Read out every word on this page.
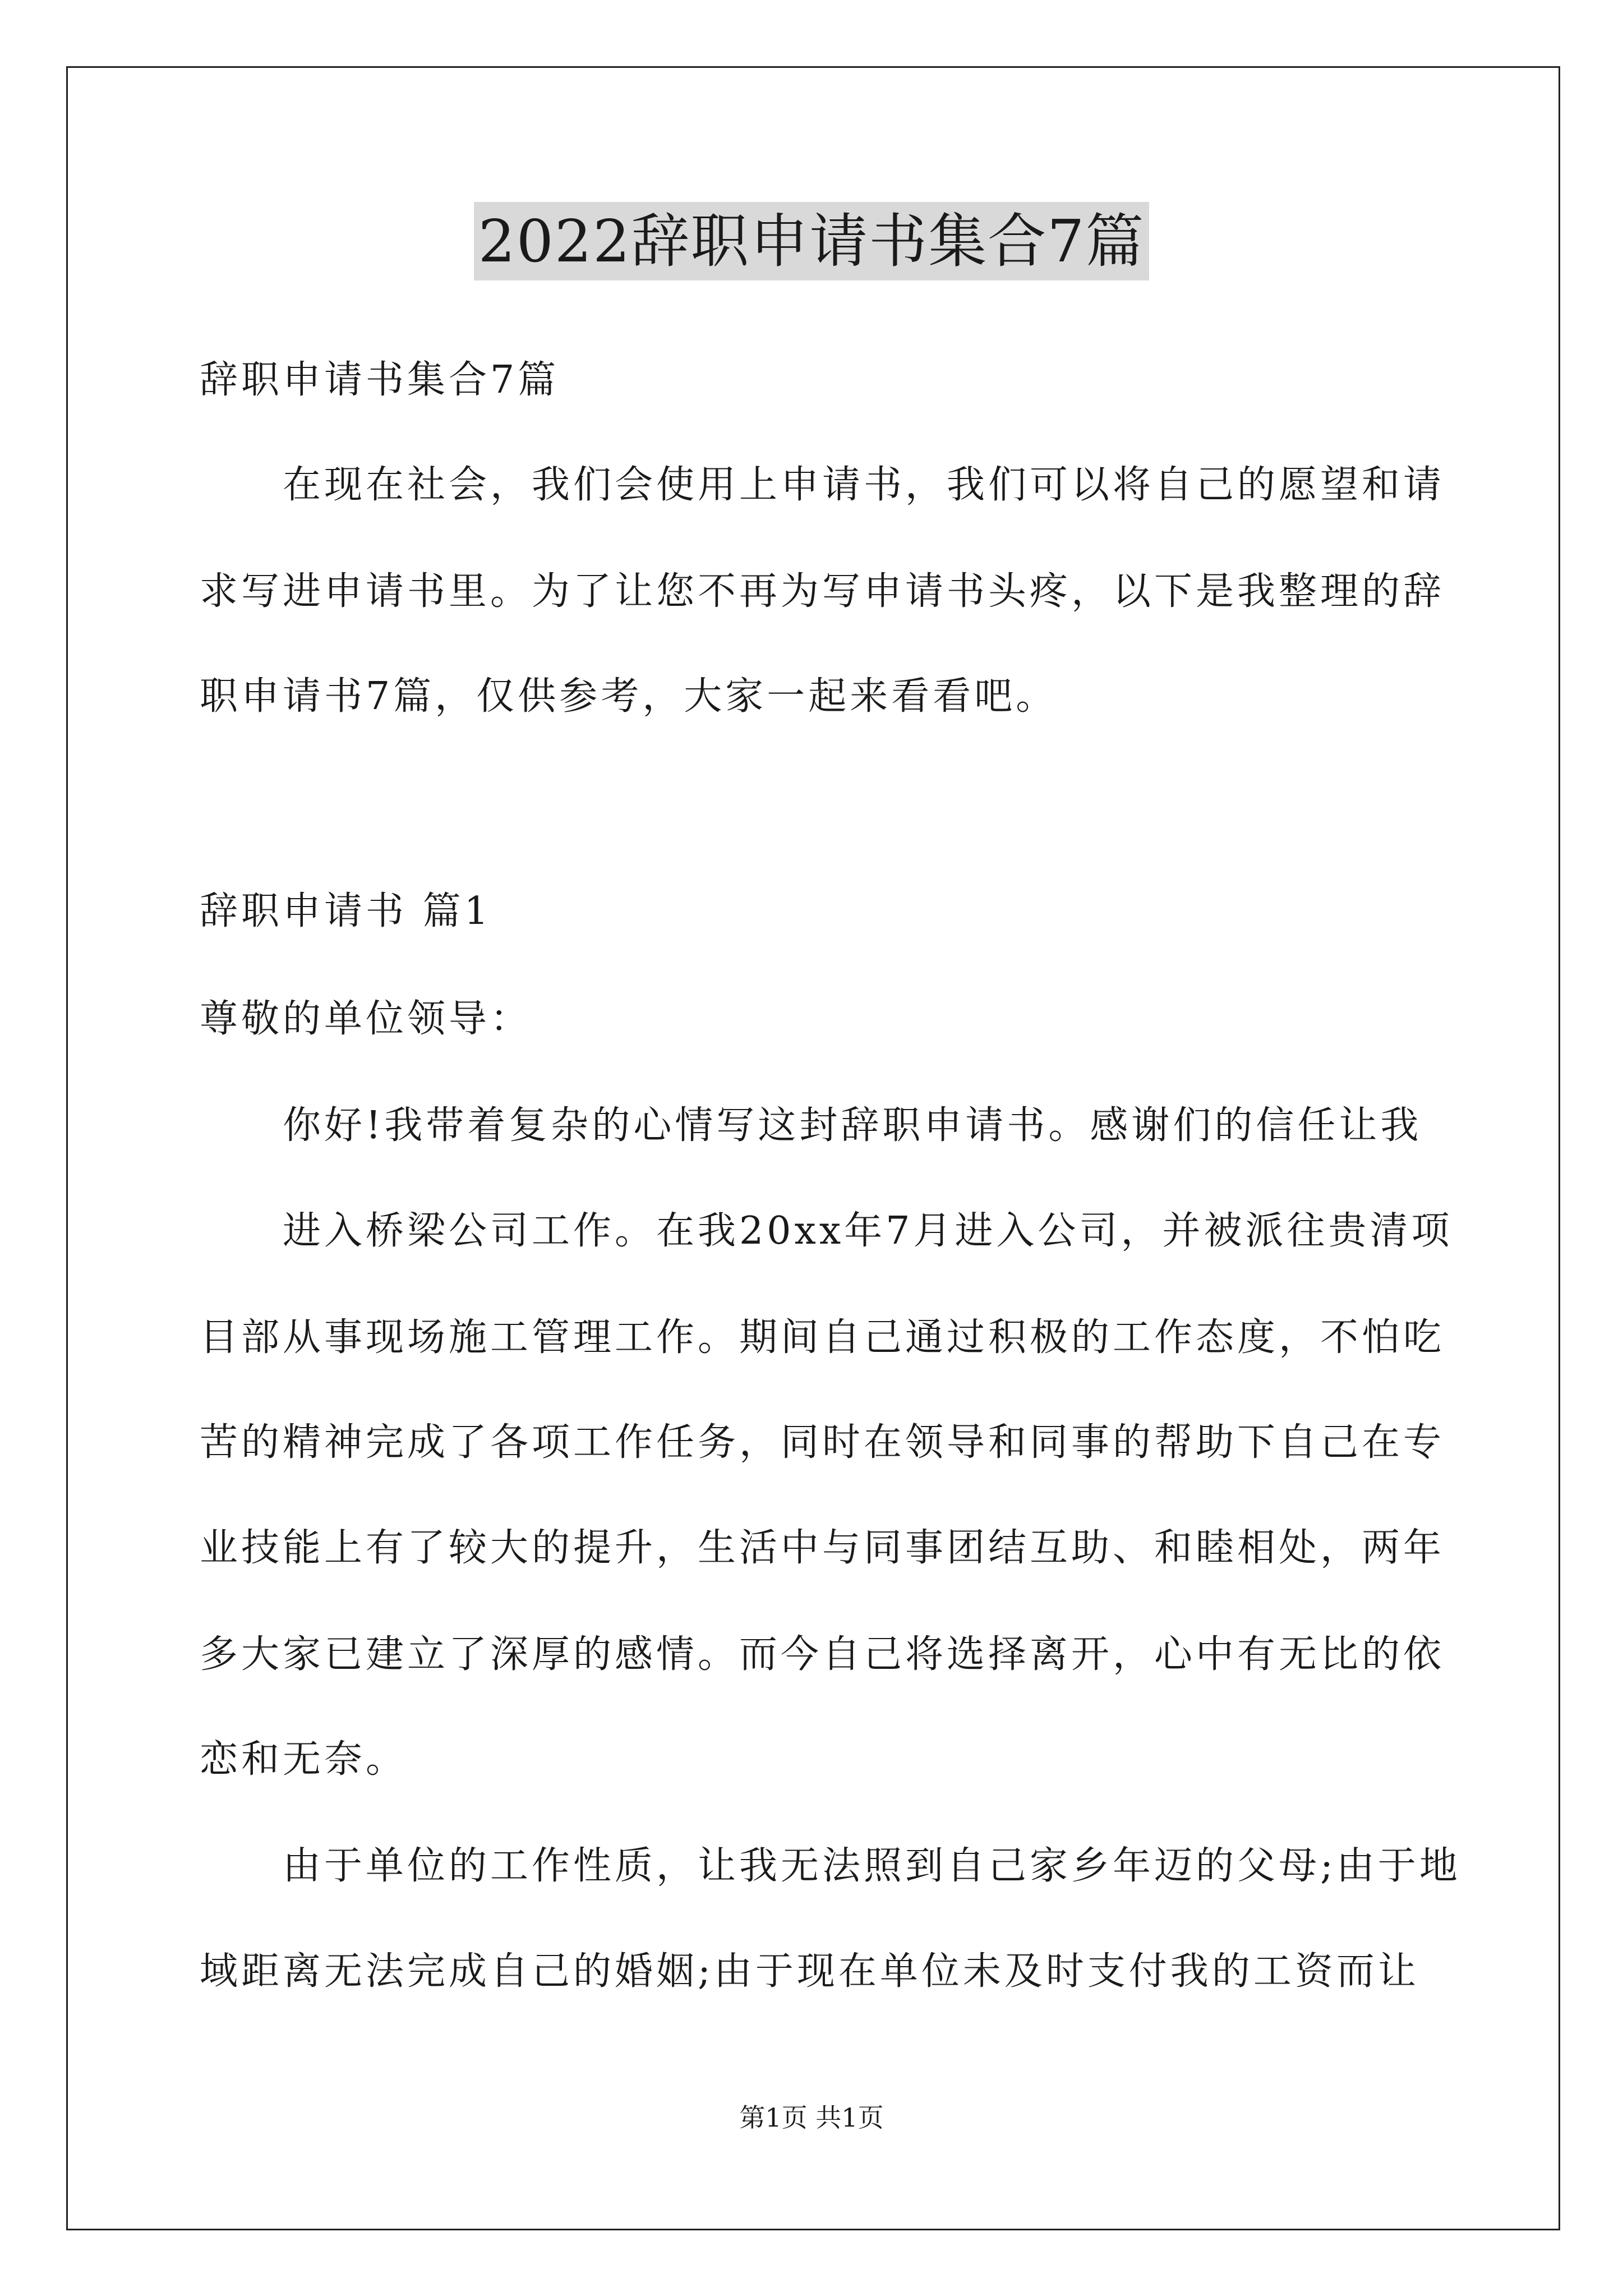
2022辞职申请书集合7篇
辞职申请书集合7篇
在现在社会，我们会使用上申请书，我们可以将自己的愿望和请
求写进申请书里。为了让您不再为写申请书头疼，以下是我整理的辞
职申请书7篇，仅供参考，大家一起来看看吧。
辞职申请书 篇1
尊敬的单位领导：
你好!我带着复杂的心情写这封辞职申请书。感谢们的信任让我
进入桥梁公司工作。在我20xx年7月进入公司，并被派往贵清项
目部从事现场施工管理工作。期间自己通过积极的工作态度，不怕吃
苦的精神完成了各项工作任务，同时在领导和同事的帮助下自己在专
业技能上有了较大的提升，生活中与同事团结互助、和睦相处，两年
多大家已建立了深厚的感情。而今自己将选择离开，心中有无比的依
恋和无奈。
由于单位的工作性质，让我无法照到自己家乡年迈的父母;由于地
域距离无法完成自己的婚姻;由于现在单位未及时支付我的工资而让
第1页 共1页
